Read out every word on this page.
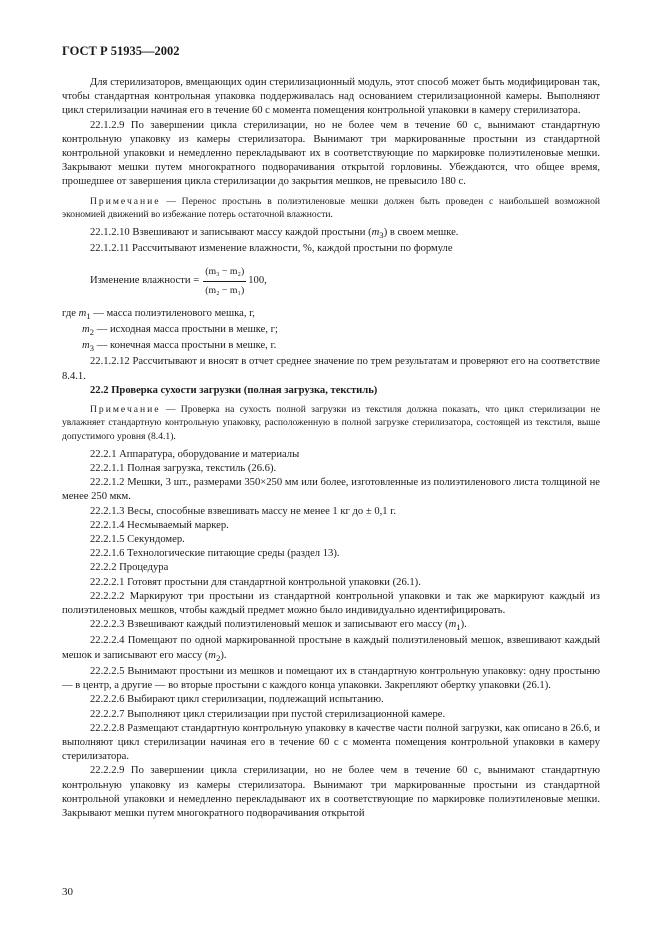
ГОСТ Р 51935—2002

Для стерилизаторов, вмещающих один стерилизационный модуль, этот способ может быть модифицирован так, чтобы стандартная контрольная упаковка поддерживалась над основанием стерилизационной камеры. Выполняют цикл стерилизации начиная его в течение 60 с момента помещения контрольной упаковки в камеру стерилизатора.

22.1.2.9 По завершении цикла стерилизации, но не более чем в течение 60 с, вынимают стандартную контрольную упаковку из камеры стерилизатора. Вынимают три маркированные простыни из стандартной контрольной упаковки и немедленно перекладывают их в соответствующие по маркировке полиэтиленовые мешки. Закрывают мешки путем многократного подворачивания открытой горловины. Убеждаются, что общее время, прошедшее от завершения цикла стерилизации до закрытия мешков, не превысило 180 с.

Примечание — Перенос простынь в полиэтиленовые мешки должен быть проведен с наибольшей возможной экономией движений во избежание потерь остаточной влажности.

22.1.2.10 Взвешивают и записывают массу каждой простыни $(m_3)$ в своем мешке.

22.1.2.11 Рассчитывают изменение влажности, %, каждой простыни по формуле

Изменение влажности = $\frac{\text{(m₃ − m₂)}}{\text{(m₂ − m₁)}} 100$,

где $m_1$ — масса полиэтиленового мешка, г,

$m_2$ — исходная масса простыни в мешке, г;

$m_3$ — конечная масса простыни в мешке, г.

22.1.2.12 Рассчитывают и вносят в отчет среднее значение по трем результатам и проверяют его на соответствие 8.4.1.

22.2 Проверка сухости загрузки (полная загрузка, текстиль)

Примечание — Проверка на сухость полной загрузки из текстиля должна показать, что цикл стерилизации не увлажняет стандартную контрольную упаковку, расположенную в полной загрузке стерилизатора, состоящей из текстиля, выше допустимого уровня (8.4.1).

22.2.1 Аппаратура, оборудование и материалы

22.2.1.1 Полная загрузка, текстиль (26.6).

22.2.1.2 Мешки, 3 шт., размерами 350×250 мм или более, изготовленные из полиэтиленового листа толщиной не менее 250 мкм.

22.2.1.3 Весы, способные взвешивать массу не менее 1 кг до ± 0,1 г.

22.2.1.4 Несмываемый маркер.

22.2.1.5 Секундомер.

22.2.1.6 Технологические питающие среды (раздел 13).

22.2.2 Процедура

22.2.2.1 Готовят простыни для стандартной контрольной упаковки (26.1).

22.2.2.2 Маркируют три простыни из стандартной контрольной упаковки и так же маркируют каждый из полиэтиленовых мешков, чтобы каждый предмет можно было индивидуально идентифицировать.

22.2.2.3 Взвешивают каждый полиэтиленовый мешок и записывают его массу $(m_1)$.

22.2.2.4 Помещают по одной маркированной простыне в каждый полиэтиленовый мешок, взвешивают каждый мешок и записывают его массу $(m_2)$.

22.2.2.5 Вынимают простыни из мешков и помещают их в стандартную контрольную упаковку: одну простыню — в центр, а другие — во вторые простыни с каждого конца упаковки. Закрепляют обертку упаковки (26.1).

22.2.2.6 Выбирают цикл стерилизации, подлежащий испытанию.

22.2.2.7 Выполняют цикл стерилизации при пустой стерилизационной камере.

22.2.2.8 Размещают стандартную контрольную упаковку в качестве части полной загрузки, как описано в 26.6, и выполняют цикл стерилизации начиная его в течение 60 с с момента помещения контрольной упаковки в камеру стерилизатора.

22.2.2.9 По завершении цикла стерилизации, но не более чем в течение 60 с, вынимают стандартную контрольную упаковку из камеры стерилизатора. Вынимают три маркированные простыни из стандартной контрольной упаковки и немедленно перекладывают их в соответствующие по маркировке полиэтиленовые мешки. Закрывают мешки путем многократного подворачивания открытой

30
